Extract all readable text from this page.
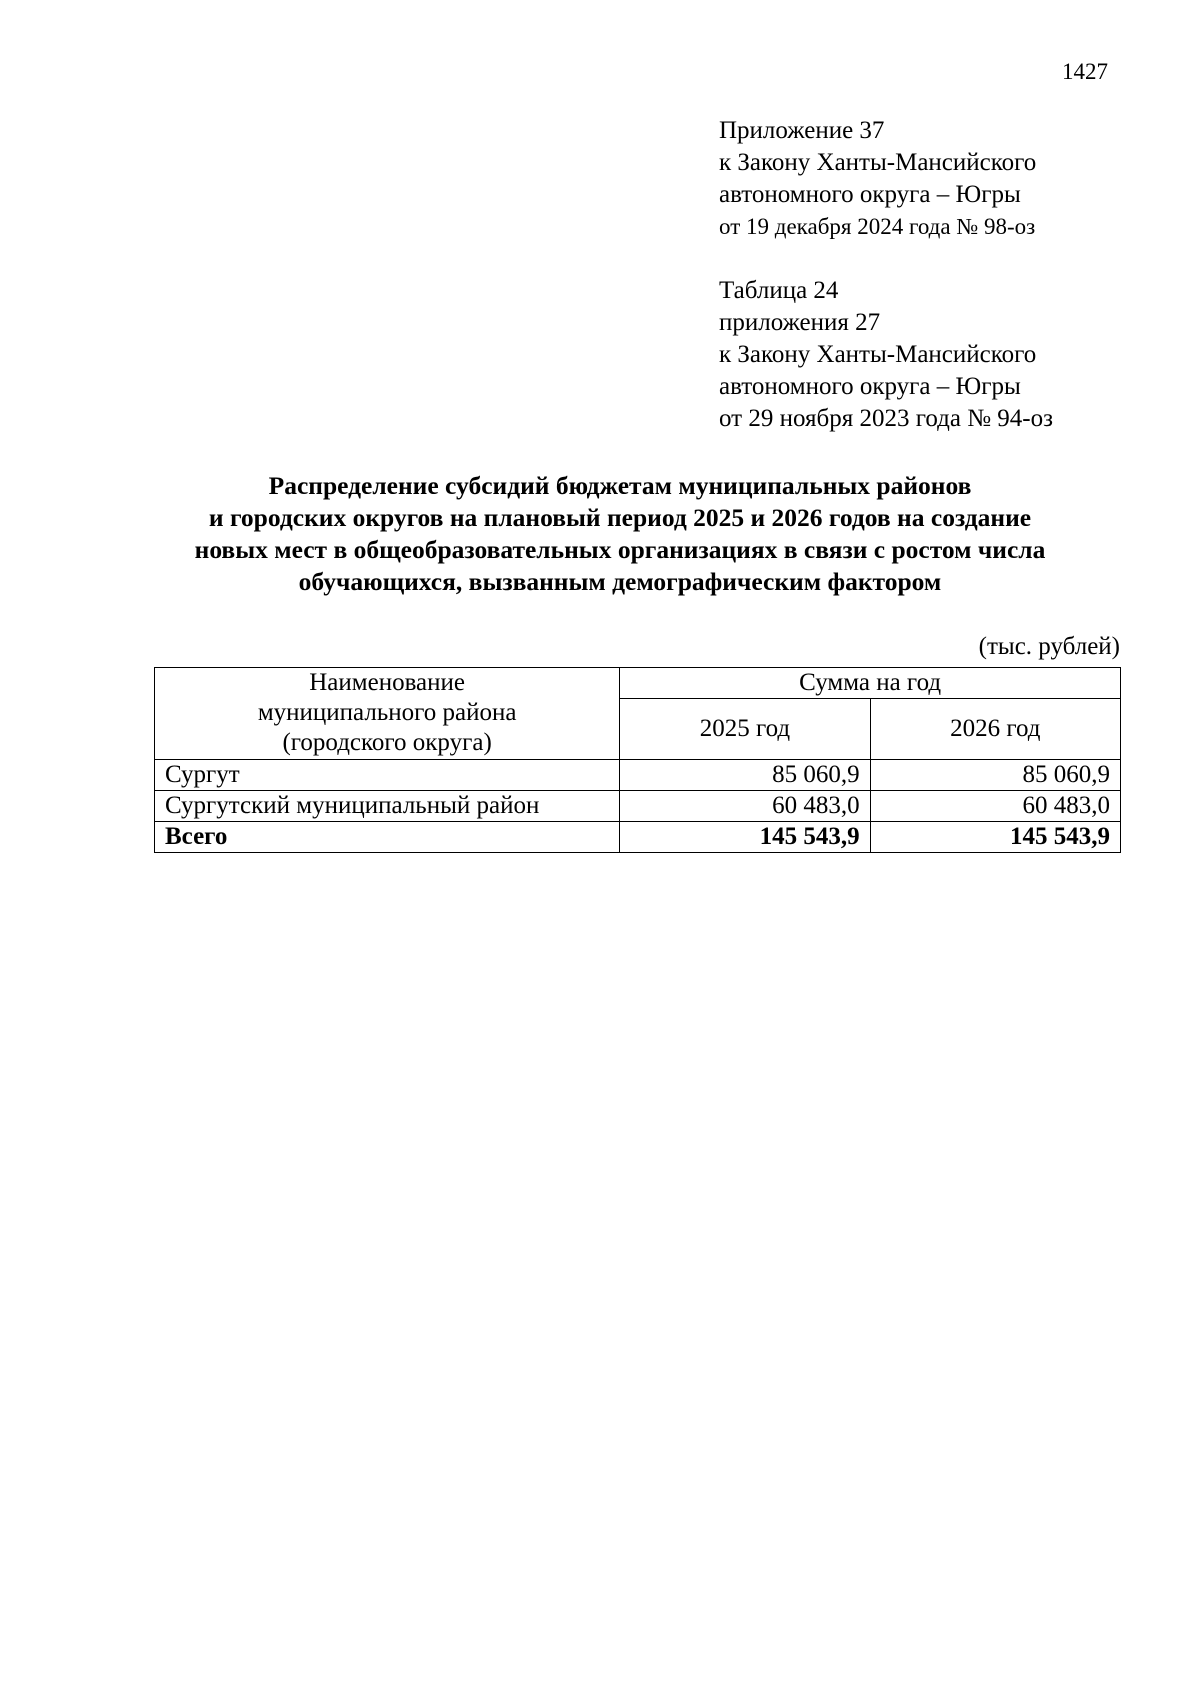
1427
Приложение 37
к Закону Ханты-Мансийского
автономного округа – Югры
от 19 декабря 2024 года № 98-оз
Таблица 24
приложения 27
к Закону Ханты-Мансийского
автономного округа – Югры
от 29 ноября 2023 года № 94-оз
Распределение субсидий бюджетам муниципальных районов
и городских округов на плановый период 2025 и 2026 годов на создание
новых мест в общеобразовательных организациях в связи с ростом числа
обучающихся, вызванным демографическим фактором
(тыс. рублей)
Наименование
муниципального района
(городского округа)	Сумма на год	
	2025 год	2026 год
Сургут	85 060,9	85 060,9
Сургутский муниципальный район	60 483,0	60 483,0
Всего	145 543,9	145 543,9
